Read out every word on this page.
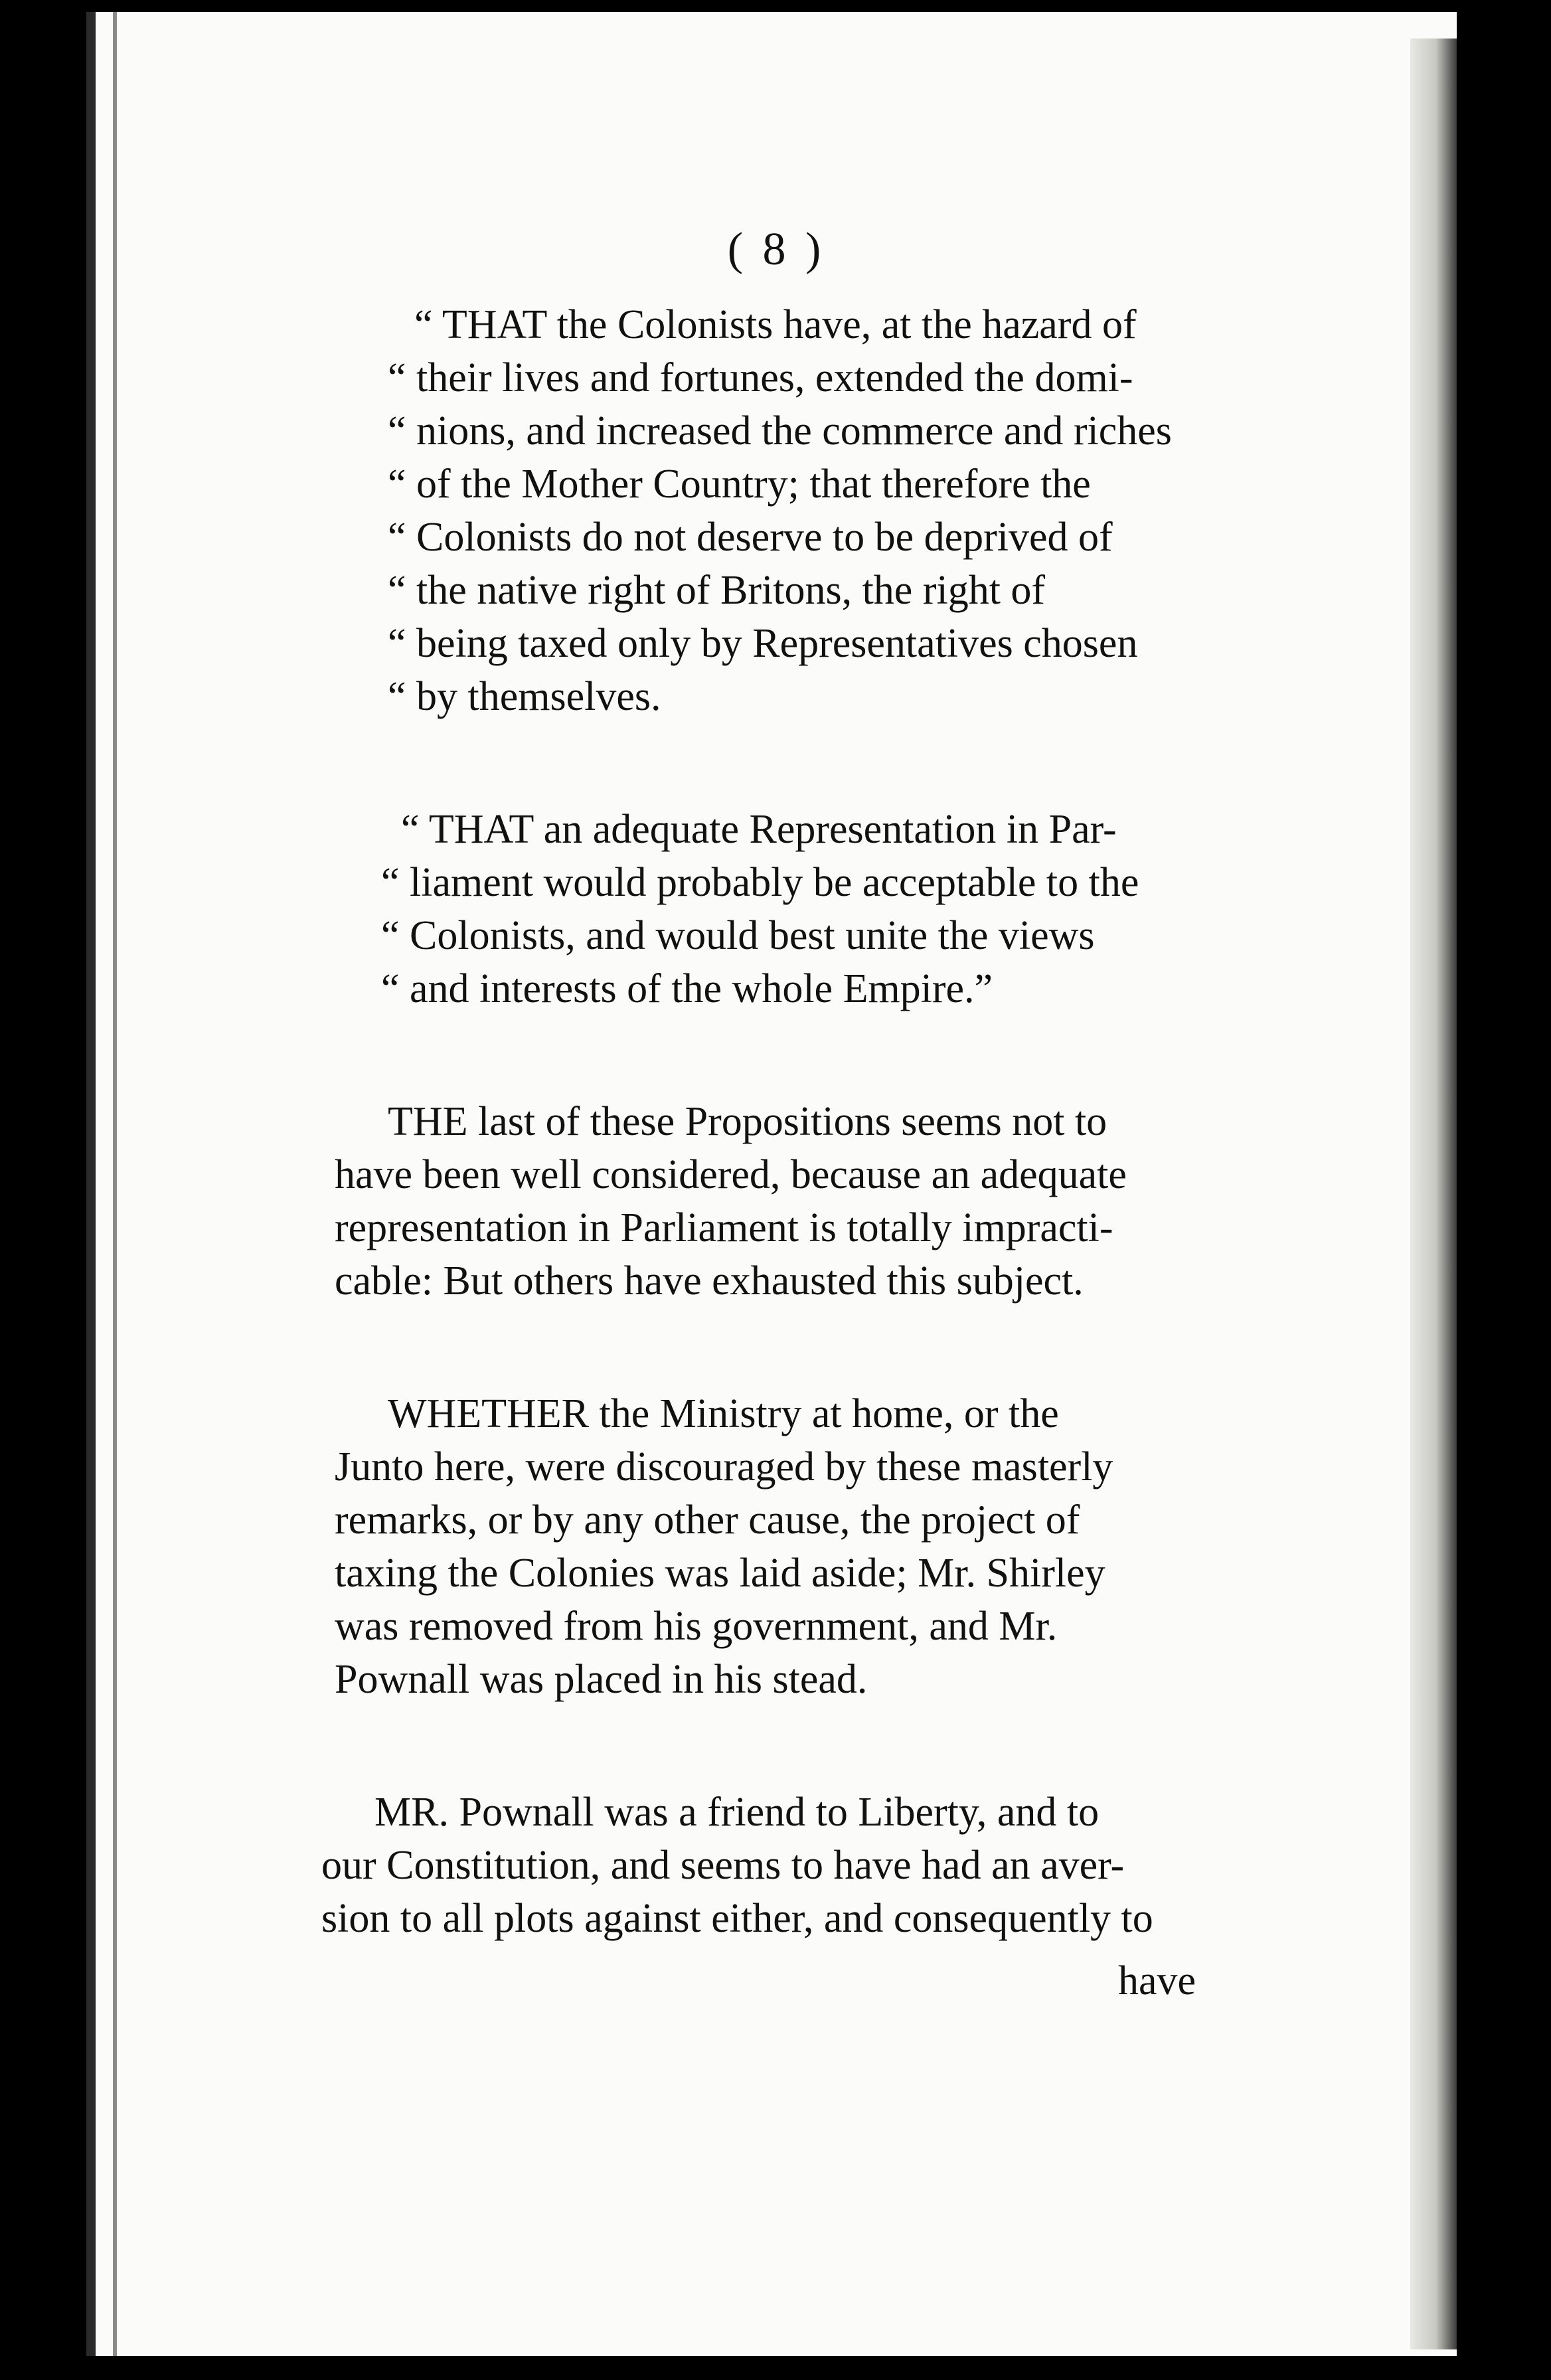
( 8 )
“ THAT the Colonists have, at the hazard of
“ their lives and fortunes, extended the domi-
“ nions, and increased the commerce and riches
“ of the Mother Country; that therefore the
“ Colonists do not deserve to be deprived of
“ the native right of Britons, the right of
“ being taxed only by Representatives chosen
“ by themselves.
“ THAT an adequate Representation in Par-
“ liament would probably be acceptable to the
“ Colonists, and would best unite the views
“ and interests of the whole Empire.”
THE last of these Propositions seems not to
have been well considered, because an adequate
representation in Parliament is totally impracti-
cable: But others have exhausted this subject.
WHETHER the Ministry at home, or the
Junto here, were discouraged by these masterly
remarks, or by any other cause, the project of
taxing the Colonies was laid aside; Mr. Shirley
was removed from his government, and Mr.
Pownall was placed in his stead.
MR. Pownall was a friend to Liberty, and to
our Constitution, and seems to have had an aver-
sion to all plots against either, and consequently to
have
